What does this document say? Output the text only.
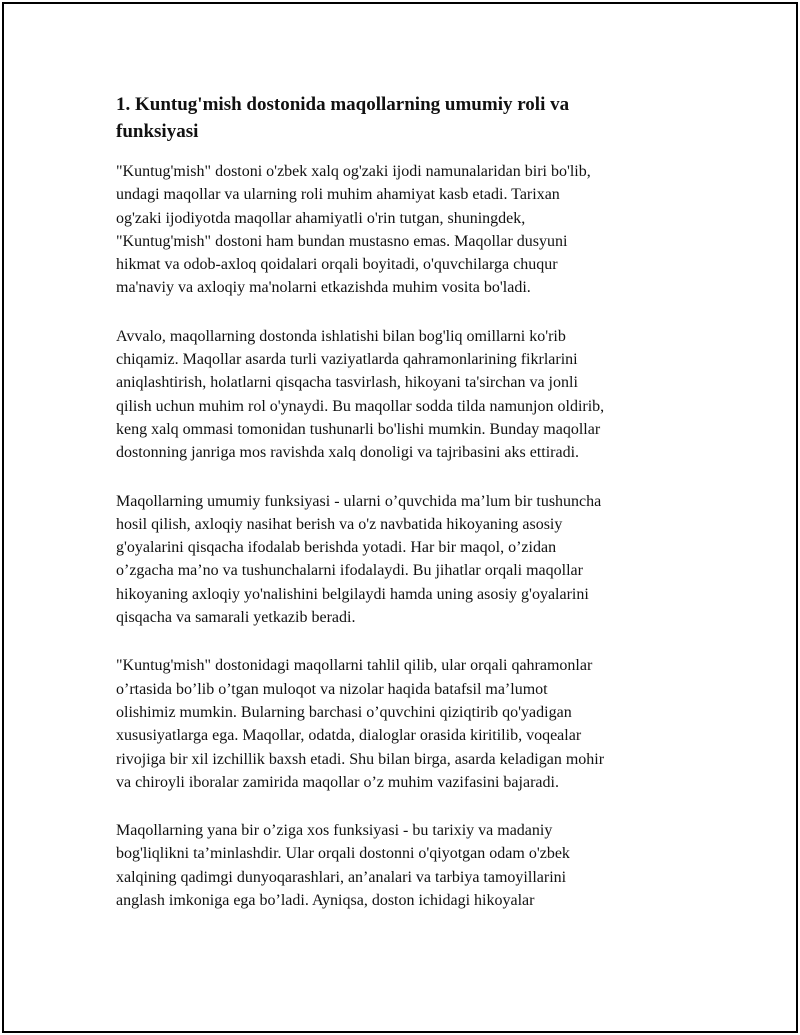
1. Kuntug'mish dostonida maqollarning umumiy roli va
funksiyasi

"Kuntug'mish" dostoni o'zbek xalq og'zaki ijodi namunalaridan biri bo'lib,
undagi maqollar va ularning roli muhim ahamiyat kasb etadi. Tarixan
og'zaki ijodiyotda maqollar ahamiyatli o'rin tutgan, shuningdek,
"Kuntug'mish" dostoni ham bundan mustasno emas. Maqollar dusyuni
hikmat va odob-axloq qoidalari orqali boyitadi, o'quvchilarga chuqur
ma'naviy va axloqiy ma'nolarni etkazishda muhim vosita bo'ladi.

Avvalo, maqollarning dostonda ishlatishi bilan bog'liq omillarni ko'rib
chiqamiz. Maqollar asarda turli vaziyatlarda qahramonlarining fikrlarini
aniqlashtirish, holatlarni qisqacha tasvirlash, hikoyani ta'sirchan va jonli
qilish uchun muhim rol o'ynaydi. Bu maqollar sodda tilda namunjon oldirib,
keng xalq ommasi tomonidan tushunarli bo'lishi mumkin. Bunday maqollar
dostonning janriga mos ravishda xalq donoligi va tajribasini aks ettiradi.

Maqollarning umumiy funksiyasi - ularni o’quvchida ma’lum bir tushuncha
hosil qilish, axloqiy nasihat berish va o'z navbatida hikoyaning asosiy
g'oyalarini qisqacha ifodalab berishda yotadi. Har bir maqol, o’zidan
o’zgacha ma’no va tushunchalarni ifodalaydi. Bu jihatlar orqali maqollar
hikoyaning axloqiy yo'nalishini belgilaydi hamda uning asosiy g'oyalarini
qisqacha va samarali yetkazib beradi.

"Kuntug'mish" dostonidagi maqollarni tahlil qilib, ular orqali qahramonlar
o’rtasida bo’lib o’tgan muloqot va nizolar haqida batafsil ma’lumot
olishimiz mumkin. Bularning barchasi o’quvchini qiziqtirib qo'yadigan
xususiyatlarga ega. Maqollar, odatda, dialoglar orasida kiritilib, voqealar
rivojiga bir xil izchillik baxsh etadi. Shu bilan birga, asarda keladigan mohir
va chiroyli iboralar zamirida maqollar o’z muhim vazifasini bajaradi.

Maqollarning yana bir o’ziga xos funksiyasi - bu tarixiy va madaniy
bog'liqlikni ta’minlashdir. Ular orqali dostonni o'qiyotgan odam o'zbek
xalqining qadimgi dunyoqarashlari, an’analari va tarbiya tamoyillarini
anglash imkoniga ega bo’ladi. Ayniqsa, doston ichidagi hikoyalar
